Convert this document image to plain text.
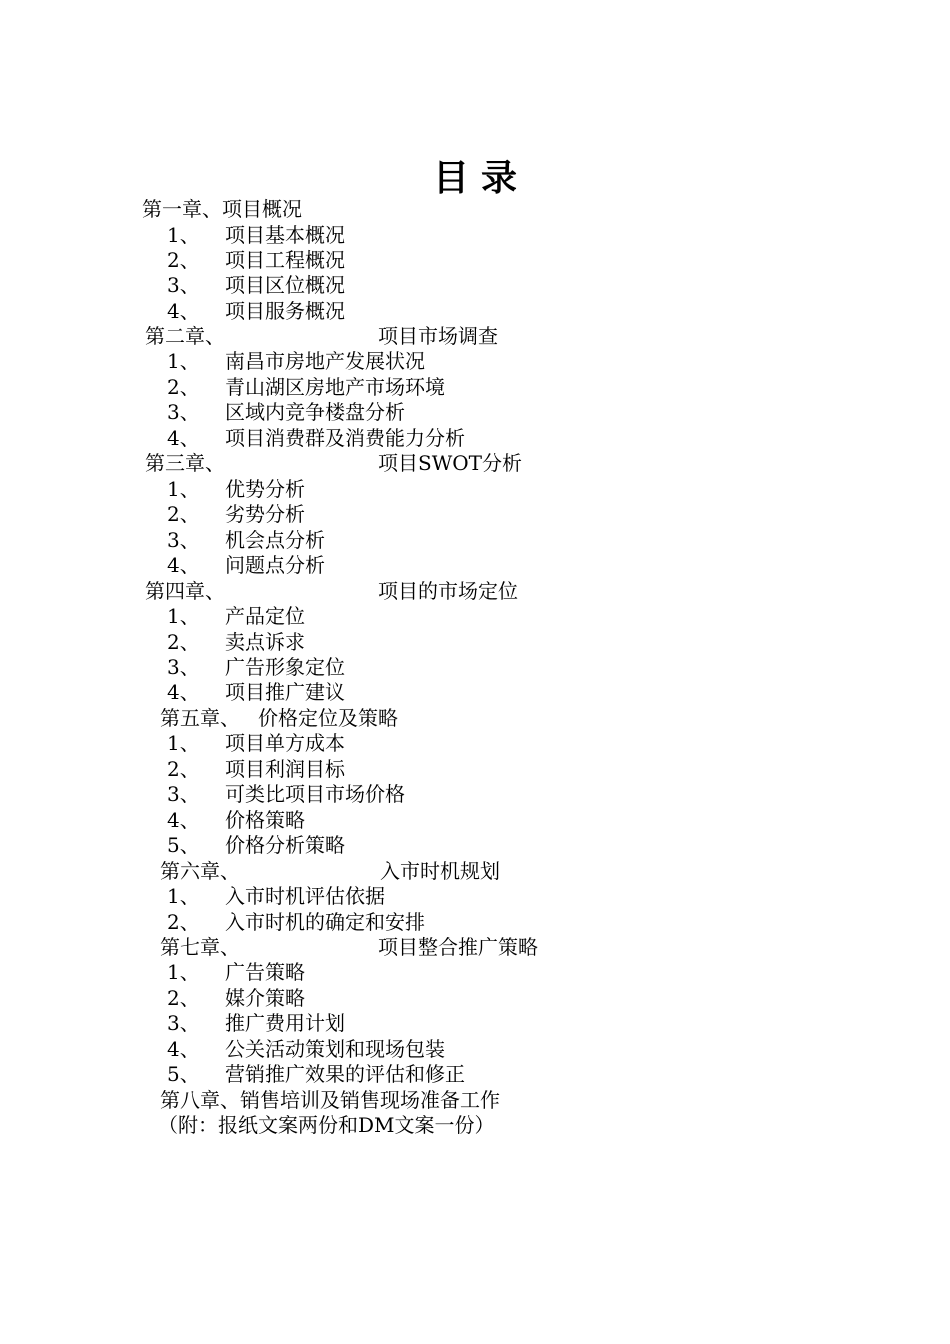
目录
第一章、项目概况
1、 项目基本概况
2、 项目工程概况
3、 项目区位概况
4、 项目服务概况
第二章、	项目市场调查
1、 南昌市房地产发展状况
2、 青山湖区房地产市场环境
3、 区域内竞争楼盘分析
4、 项目消费群及消费能力分析
第三章、	项目SWOT分析
1、 优势分析
2、 劣势分析
3、 机会点分析
4、 问题点分析
第四章、	项目的市场定位
1、 产品定位
2、 卖点诉求
3、 广告形象定位
4、 项目推广建议
第五章、 价格定位及策略
1、 项目单方成本
2、 项目利润目标
3、 可类比项目市场价格
4、 价格策略
5、 价格分析策略
第六章、	入市时机规划
1、 入市时机评估依据
2、 入市时机的确定和安排
第七章、	项目整合推广策略
1、 广告策略
2、 媒介策略
3、 推广费用计划
4、 公关活动策划和现场包装
5、 营销推广效果的评估和修正
第八章、销售培训及销售现场准备工作
（附：报纸文案两份和DM文案一份）
